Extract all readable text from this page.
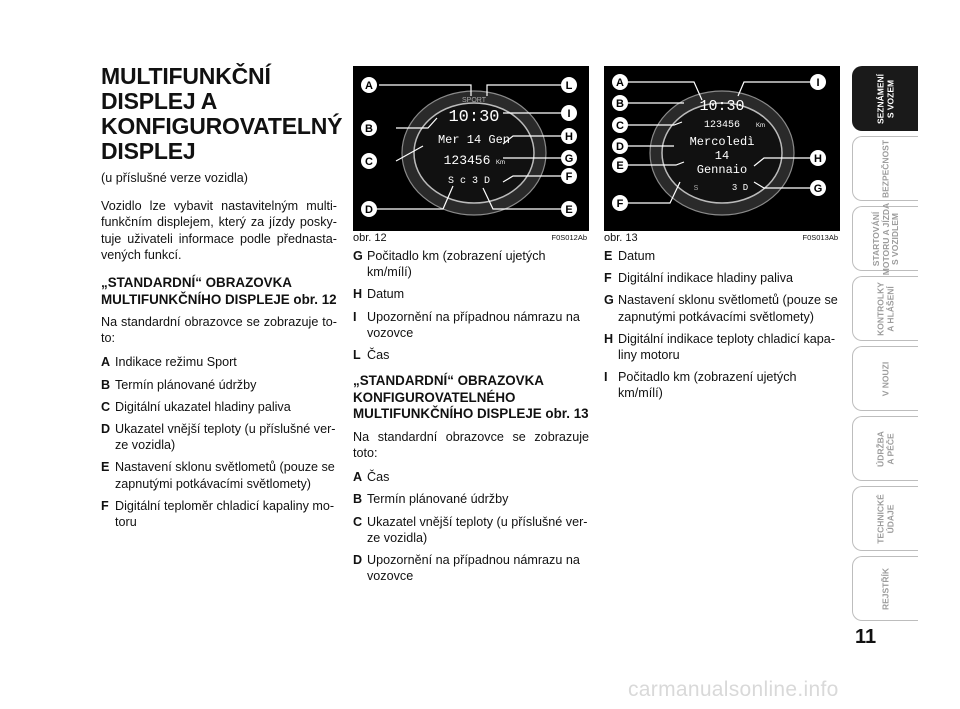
MULTIFUNKČNÍ DISPLEJ A KONFIGUROVATELNÝ DISPLEJ
(u příslušné verze vozidla)
Vozidlo lze vybavit nastavitelným multi-funkčním displejem, který za jízdy posky-tuje uživateli informace podle přednasta-vených funkcí.
„STANDARDNÍ“ OBRAZOVKA MULTIFUNKČNÍHO DISPLEJE obr. 12
Na standardní obrazovce se zobrazuje to-to:
A Indikace režimu Sport
B Termín plánované údržby
C Digitální ukazatel hladiny paliva
D Ukazatel vnější teploty (u příslušné ver-ze vozidla)
E Nastavení sklonu světlometů (pouze se zapnutými potkávacími světlomety)
F Digitální teploměr chladicí kapaliny mo-toru
SPORT
10:30
Mer 14 Gen
123456 Km
S c 3 D
A
B
C
D
L
I
H
G
F
E
obr. 12	F0S012Ab
10:30
123456	Km
Mercoledì
14
Gennaio
S	3 D
A
B
C
D
E
F
I
H
G
obr. 13	F0S013Ab
G Počitadlo km (zobrazení ujetých km/mílí)
H Datum
I Upozornění na případnou námrazu na vozovce
L Čas
„STANDARDNÍ“ OBRAZOVKA KONFIGUROVATELNÉHO MULTIFUNKČNÍHO DISPLEJE obr. 13
Na standardní obrazovce se zobrazuje toto:
A Čas
B Termín plánované údržby
C Ukazatel vnější teploty (u příslušné ver-ze vozidla)
D Upozornění na případnou námrazu na vozovce
E Datum
F Digitální indikace hladiny paliva
G Nastavení sklonu světlometů (pouze se zapnutými potkávacími světlomety)
H Digitální indikace teploty chladicí kapa-liny motoru
I Počitadlo km (zobrazení ujetých km/mílí)
SEZNÁMENÍ
S VOZEM
BEZPEČNOST
STARTOVÁNÍ
MOTORU A JÍZDA
S VOZIDLEM
KONTROLKY
A HLÁŠENÍ
V NOUZI
ÚDRŽBA
A PÉČE
TECHNICKÉ
ÚDAJE
REJSTŘÍK
11
carmanualsonline.info
